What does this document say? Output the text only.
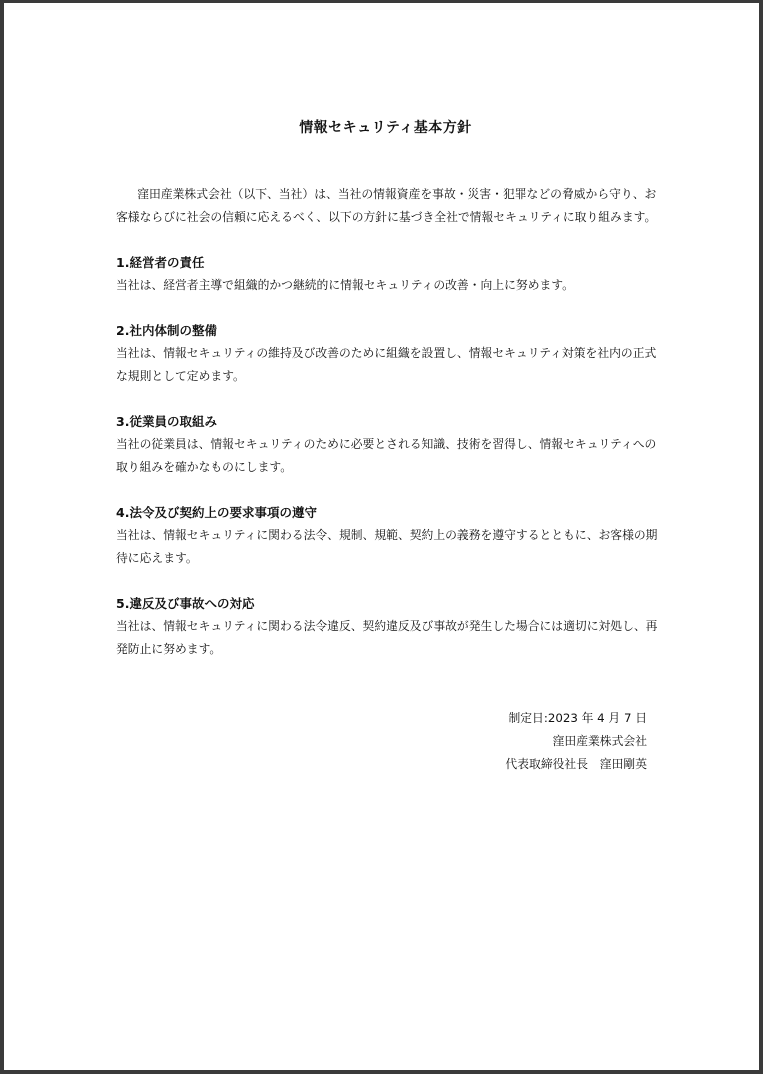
情報セキュリティ基本方針

窪田産業株式会社（以下、当社）は、当社の情報資産を事故・災害・犯罪などの脅威から守り、お客様ならびに社会の信頼に応えるべく、以下の方針に基づき全社で情報セキュリティに取り組みます。

1.経営者の責任

当社は、経営者主導で組織的かつ継続的に情報セキュリティの改善・向上に努めます。

2.社内体制の整備

当社は、情報セキュリティの維持及び改善のために組織を設置し、情報セキュリティ対策を社内の正式な規則として定めます。

3.従業員の取組み

当社の従業員は、情報セキュリティのために必要とされる知識、技術を習得し、情報セキュリティへの取り組みを確かなものにします。

4.法令及び契約上の要求事項の遵守

当社は、情報セキュリティに関わる法令、規制、規範、契約上の義務を遵守するとともに、お客様の期待に応えます。

5.違反及び事故への対応

当社は、情報セキュリティに関わる法令違反、契約違反及び事故が発生した場合には適切に対処し、再発防止に努めます。

制定日:2023 年 4 月 7 日
窪田産業株式会社
代表取締役社長　窪田剛英
